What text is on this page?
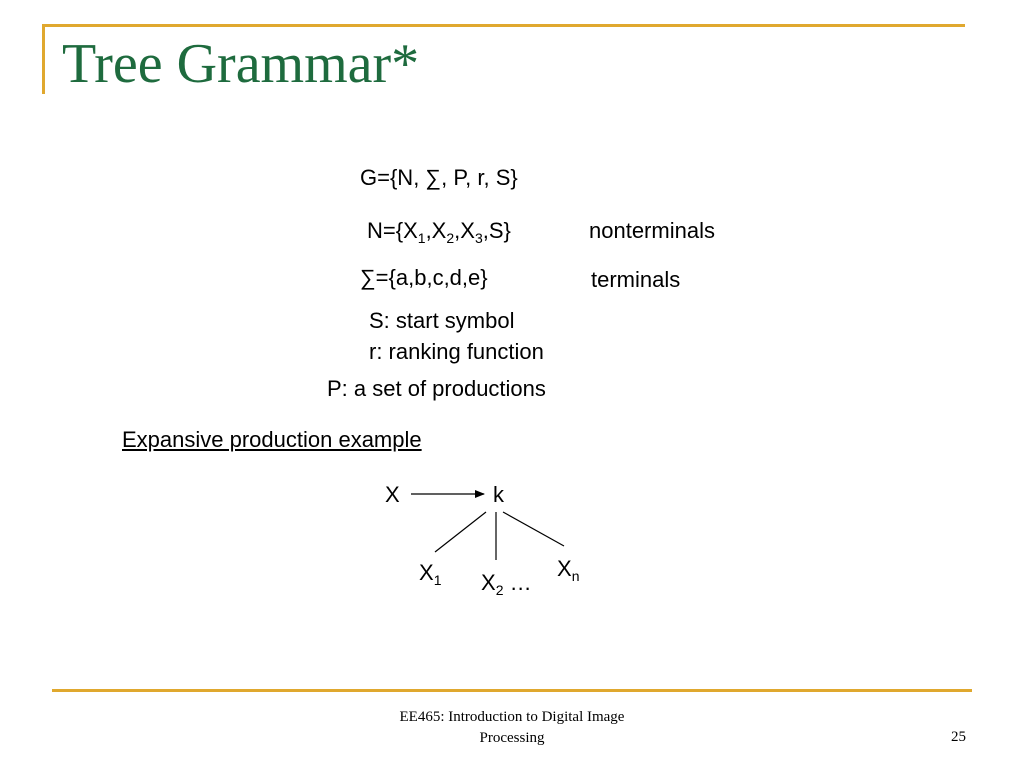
Tree Grammar*
G={N, ∑, P, r, S}
$N=\{X_1,X_2,X_3,S\}$	nonterminals
∑={a,b,c,d,e}	terminals
S: start symbol
r: ranking function
P: a set of productions
Expansive production example
X	k
$X_1$ $X_2$ …
$X_n$
EE465: Introduction to Digital Image
Processing	25
